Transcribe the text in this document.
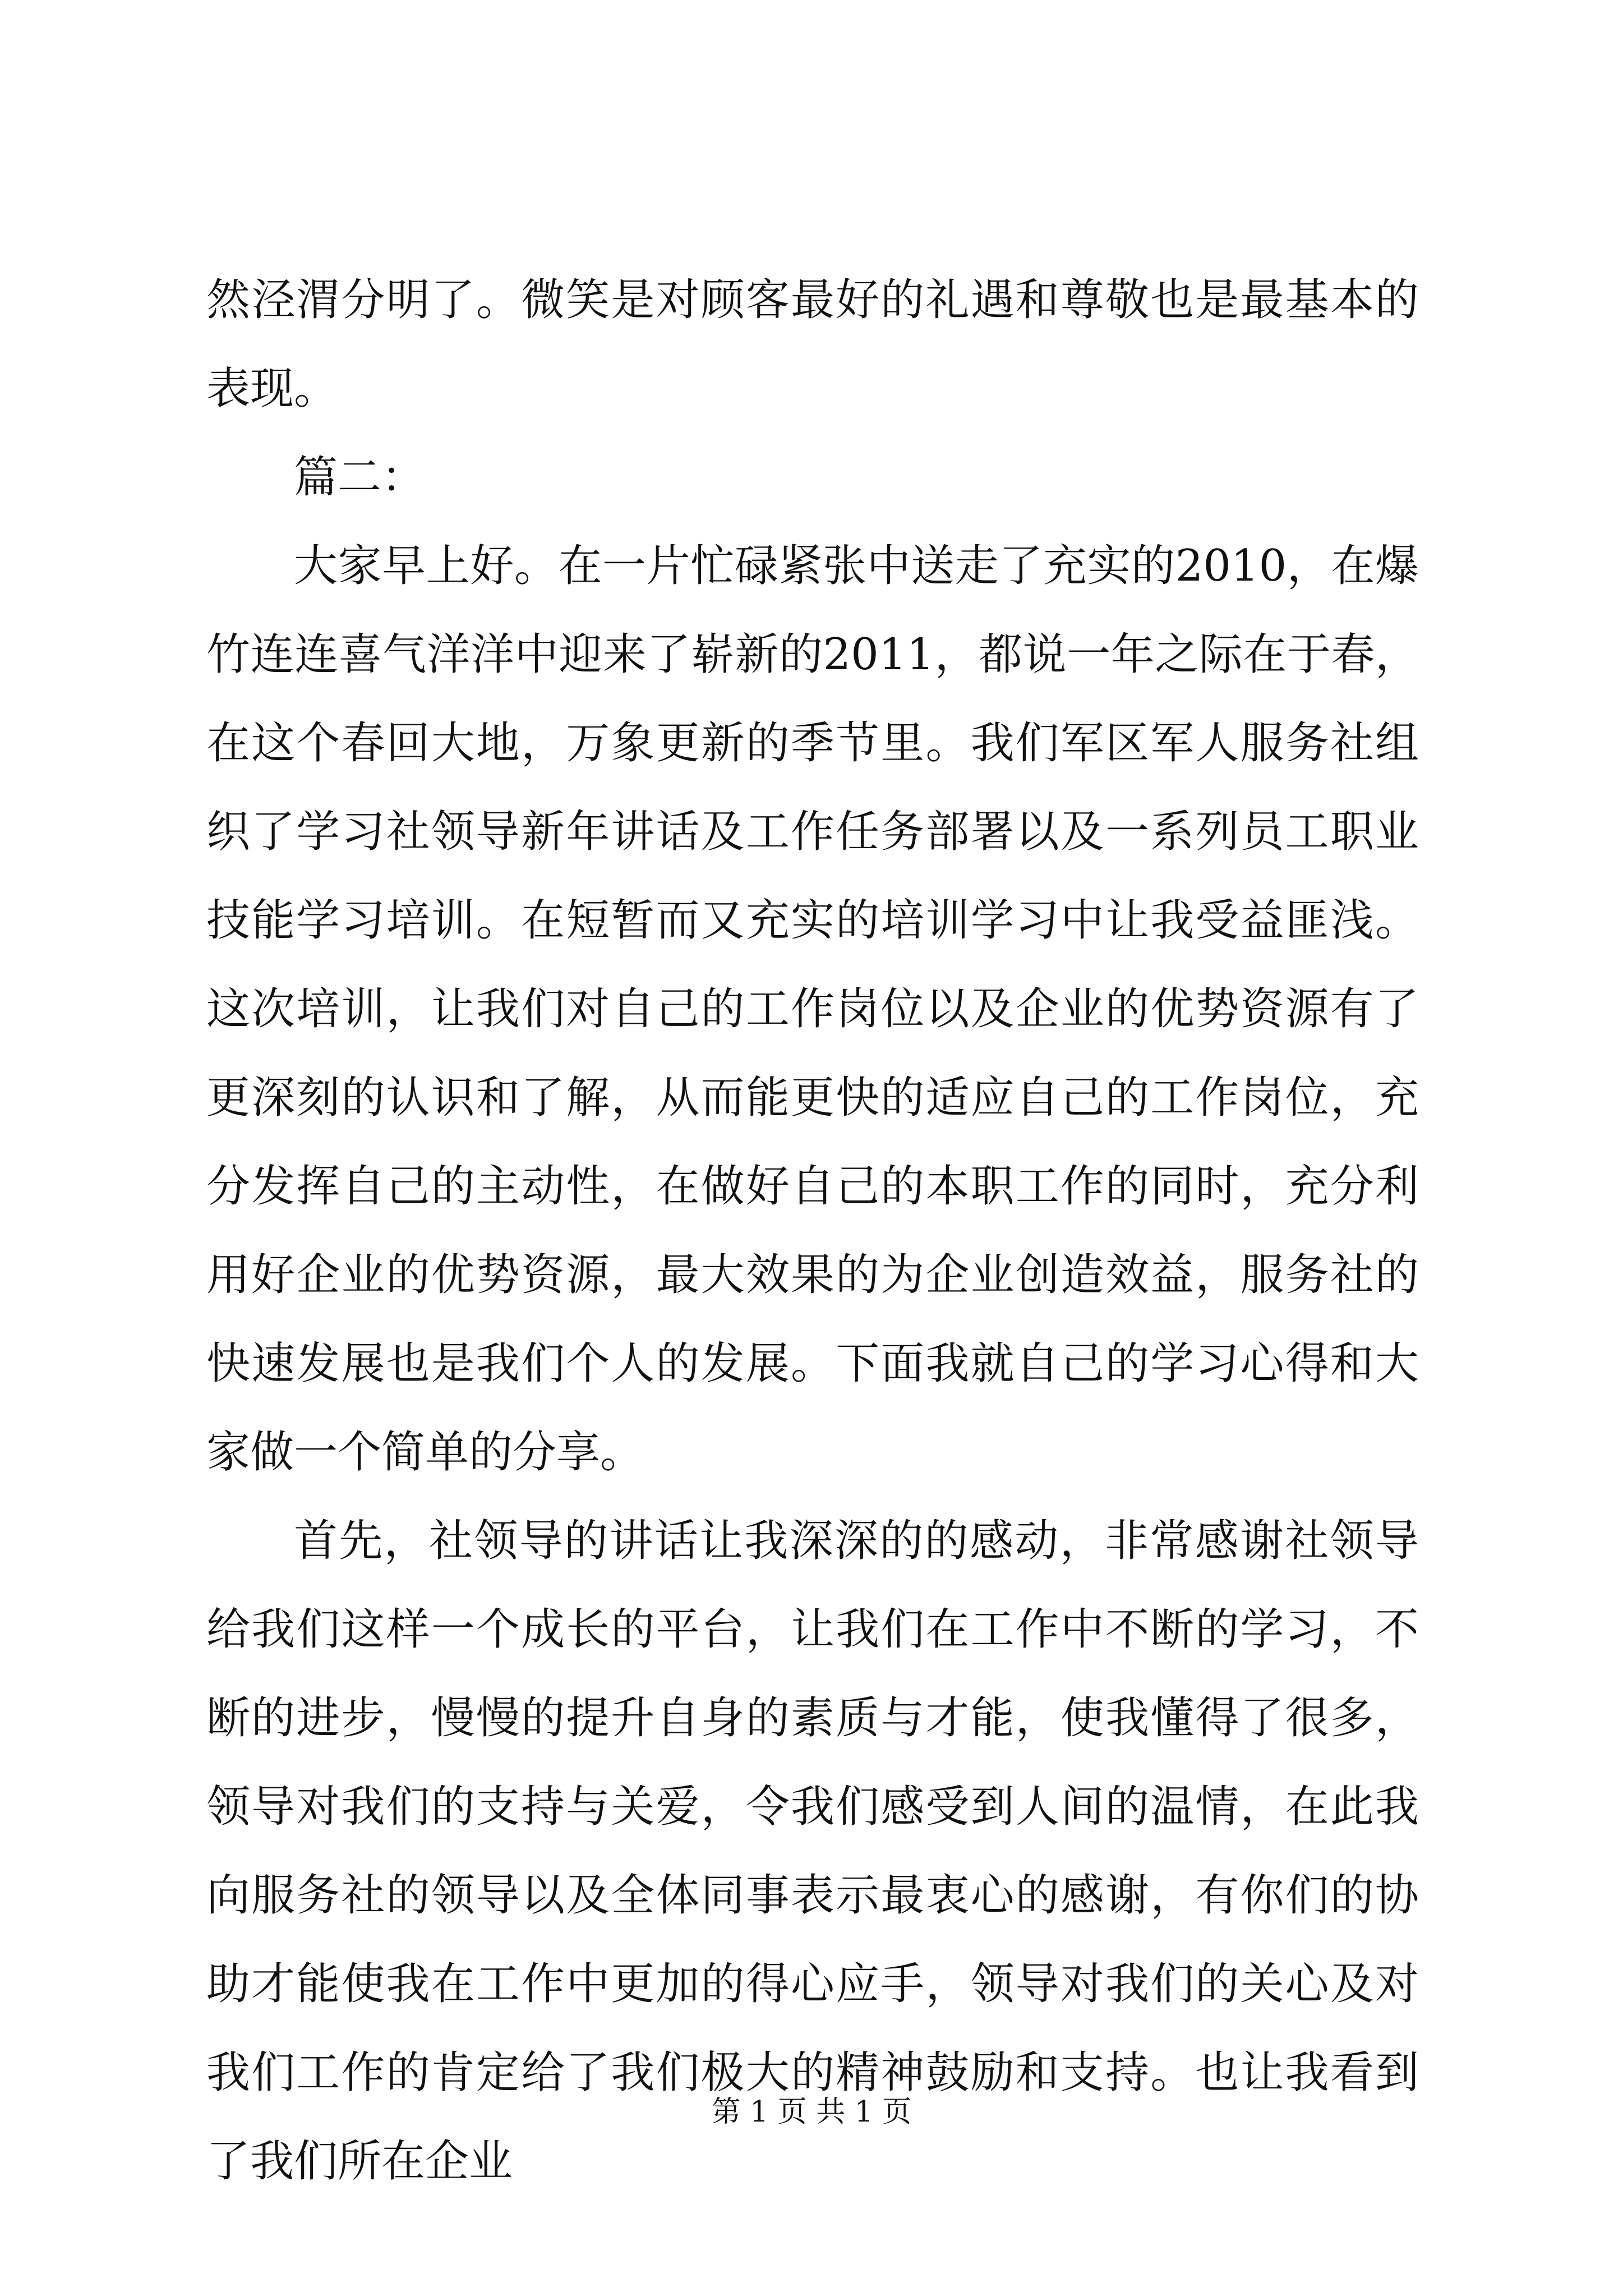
然泾渭分明了。微笑是对顾客最好的礼遇和尊敬也是最基本的表现。

篇二：

大家早上好。在一片忙碌紧张中送走了充实的2010，在爆竹连连喜气洋洋中迎来了崭新的2011，都说一年之际在于春，在这个春回大地，万象更新的季节里。我们军区军人服务社组织了学习社领导新年讲话及工作任务部署以及一系列员工职业技能学习培训。在短暂而又充实的培训学习中让我受益匪浅。这次培训，让我们对自己的工作岗位以及企业的优势资源有了更深刻的认识和了解，从而能更快的适应自己的工作岗位，充分发挥自己的主动性，在做好自己的本职工作的同时，充分利用好企业的优势资源，最大效果的为企业创造效益，服务社的快速发展也是我们个人的发展。下面我就自己的学习心得和大家做一个简单的分享。

首先，社领导的讲话让我深深的的感动，非常感谢社领导给我们这样一个成长的平台，让我们在工作中不断的学习，不断的进步，慢慢的提升自身的素质与才能，使我懂得了很多，领导对我们的支持与关爱，令我们感受到人间的温情，在此我向服务社的领导以及全体同事表示最衷心的感谢，有你们的协助才能使我在工作中更加的得心应手，领导对我们的关心及对我们工作的肯定给了我们极大的精神鼓励和支持。也让我看到了我们所在企业

第 1 页 共 1 页
